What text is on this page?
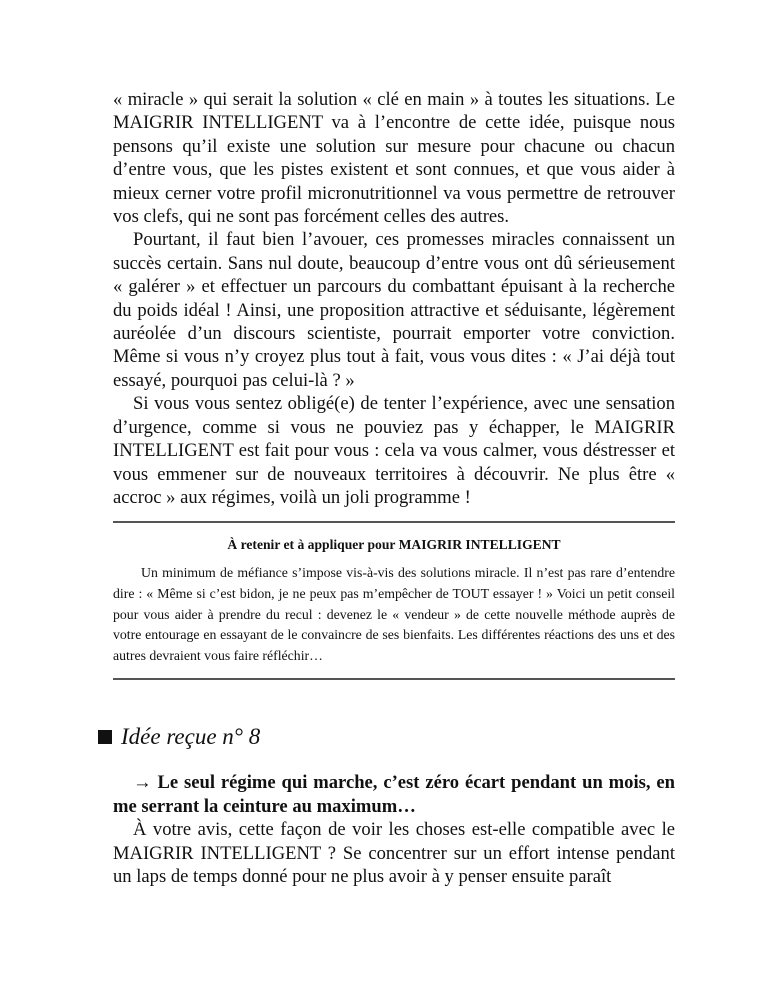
« miracle » qui serait la solution « clé en main » à toutes les situations. Le MAIGRIR INTELLIGENT va à l’encontre de cette idée, puisque nous pensons qu’il existe une solution sur mesure pour chacune ou chacun d’entre vous, que les pistes existent et sont connues, et que vous aider à mieux cerner votre profil micronutritionnel va vous permettre de retrouver vos clefs, qui ne sont pas forcément celles des autres.

Pourtant, il faut bien l’avouer, ces promesses miracles connaissent un succès certain. Sans nul doute, beaucoup d’entre vous ont dû sérieusement « galérer » et effectuer un parcours du combattant épuisant à la recherche du poids idéal ! Ainsi, une proposition attractive et séduisante, légèrement auréolée d’un discours scientiste, pourrait emporter votre conviction. Même si vous n’y croyez plus tout à fait, vous vous dites : « J’ai déjà tout essayé, pourquoi pas celui-là ? »

Si vous vous sentez obligé(e) de tenter l’expérience, avec une sensation d’urgence, comme si vous ne pouviez pas y échapper, le MAIGRIR INTELLIGENT est fait pour vous : cela va vous calmer, vous déstresser et vous emmener sur de nouveaux territoires à découvrir. Ne plus être « accroc » aux régimes, voilà un joli programme !

À retenir et à appliquer pour MAIGRIR INTELLIGENT

Un minimum de méfiance s’impose vis-à-vis des solutions miracle. Il n’est pas rare d’entendre dire : « Même si c’est bidon, je ne peux pas m’empêcher de TOUT essayer ! » Voici un petit conseil pour vous aider à prendre du recul : devenez le « vendeur » de cette nouvelle méthode auprès de votre entourage en essayant de le convaincre de ses bienfaits. Les différentes réactions des uns et des autres devraient vous faire réfléchir…

Idée reçue n° 8

→ Le seul régime qui marche, c’est zéro écart pendant un mois, en me serrant la ceinture au maximum…

À votre avis, cette façon de voir les choses est-elle compatible avec le MAIGRIR INTELLIGENT ? Se concentrer sur un effort intense pendant un laps de temps donné pour ne plus avoir à y penser ensuite paraît
